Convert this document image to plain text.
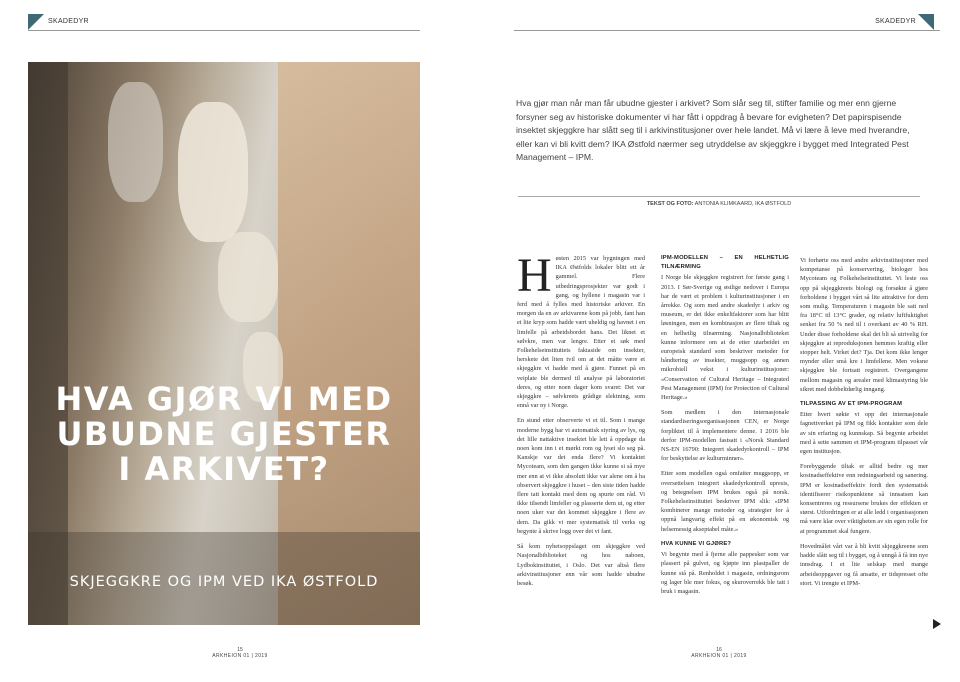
SKADEDYR
HVA GJØR VI MED
UBUDNE GJESTER
I ARKIVET?
SKJEGGKRE OG IPM VED IKA ØSTFOLD
15
ARKHEION 01 | 2019
SKADEDYR
Hva gjør man når man får ubudne gjester i arkivet? Som slår seg til, stifter familie og mer enn gjerne forsyner seg av historiske dokumenter vi har fått i oppdrag å bevare for evigheten? Det papirspisende insektet skjeggkre har slått seg til i arkivinstitusjoner over hele landet. Må vi lære å leve med hverandre, eller kan vi bli kvitt dem? IKA Østfold nærmer seg utryddelse av skjeggkre i bygget med Integrated Pest Management – IPM.
TEKST OG FOTO: ANTONIA KLIMKAARD, IKA ØSTFOLD
H østen 2015 var bygningen med IKA Østfolds lokaler blitt ett år gammel. Flere utbedringsprosjekter var godt i gang, og hyllene i magasin var i ferd med å fylles med historiske arkiver. En morgen da en av arkivarene kom på jobb, fant han et lite kryp som hadde vært uheldig og havnet i en limfelle på arbeidsbordet hans. Det liknet et sølvkre, men var lengre. Etter et søk med Folkehelseinstituttets faktaside om insekter, herskete det liten tvil om at det måtte være et skjeggkre vi hadde med å gjøre. Funnet på en veiplate ble dermed til analyse på laboratoriet deres, og etter noen dager kom svaret: Det var skjeggkre – sølvkreets grådige slektning, som ennå var ny i Norge.

En stund etter observerte vi et til. Som i mange moderne bygg har vi automatisk styring av lys, og det lille nattaktive insektet ble lett å oppdage da noen kom inn i et mørkt rom og lyset slo seg på. Kanskje var det enda flere? Vi kontaktet Mycoteam, som den gangen ikke kunne si så mye mer enn at vi ikke absolutt ikke var alene om å ha observert skjeggkre i huset – den siste tiden hadde flere tatt kontakt med dem og spurte om råd. Vi ikke tilsendt limfeller og plasserte dem ut, og etter noen uker var det kommet skjeggkre i flere av dem. Da gikk vi mer systematisk til verks og begynte å skrive logg over det vi fant.

Så kom nyhetsoppslaget om skjeggkre ved Nasjonalbiblioteket og hos naboen, Lydbokinstituttet, i Oslo. Det var altså flere arkivinstitusjoner enn vår som hadde ubudne besøk.

IPM-MODELLEN – EN HELHETLIG TILNÆRMING

I Norge ble skjeggkre registrert for første gang i 2013. I Sør-Sverige og østlige nedover i Europa har de vært et problem i kulturinstitusjoner i en årrekke. Og som med andre skadedyr i arkiv og museum, er det ikke enkeltfaktorer som har blitt løsningen, men en kombinasjon av flere tiltak og en helhetlig tilnærming. Nasjonalbiblioteket kunne informere om at de etter utarbeidet en europeisk standard som beskriver metoder for håndtering av insekter, muggsopp og annen mikrobiell vekst i kulturinstitusjoner: «Conservation of Cultural Heritage – Integrated Pest Management (IPM) for Protection of Cultural Heritage.»

Som medlem i den internasjonale standardiseringsorganisasjonen CEN, er Norge forpliktet til å implementere denne. I 2016 ble derfor IPM-modellen fastsatt i «Norsk Standard NS-EN 16790: Integrert skadedyrkontroll – IPM for beskyttelse av kulturminner».

Etter som modellen også omfatter muggsopp, er oversettelsen integrert skadedyrkontroll upresis, og betegnelsen IPM brukes også på norsk. Folkehelseinstituttet beskriver IPM slik: «IPM kombinerer mange metoder og strategier for å oppnå langvarig effekt på en økonomisk og helsemessig akseptabel måte.»

HVA KUNNE VI GJØRE?

Vi begynte med å fjerne alle pappesker som var plassert på gulvet, og kjøpte inn plastpaller de kunne stå på. Renholdet i magasin, ordningsrom og lager ble mer fokus, og skuroverrekk ble tatt i bruk i magasin.

Vi forhørte oss med andre arkivinstitusjoner med kompetanse på konservering, biologer hos Mycoteam og Folkehelseinstituttet. Vi leste oss opp på skjeggkreets biologi og forsøkte å gjøre forholdene i bygget vårt så lite attraktive for dem som mulig. Temperaturen i magasin ble satt ned fra 18°C til 13°C grader, og relativ luftfuktighet senket fra 50 % ned til i overkant av 40 % RH. Under disse forholdene skal det bli så utrivelig for skjeggkre at reproduksjonen hemmes kraftig eller stopper helt. Virket det? Tja. Det kom ikke lenger mynder eller små kre i limfellene. Men voksne skjeggkre ble fortsatt registrert. Overgangene mellom magasin og arealer med klimastyring ble sikret med dobbeltdørlig inngang.

TILPASSING AV ET IPM-PROGRAM

Etter hvert søkte vi opp det internasjonale fagnettverket på IPM og fikk kontakter som dele av sin erfaring og kunnskap. Så begynte arbeidet med å sette sammen et IPM-program tilpasset vår egen institusjon.

Forebyggende tiltak er alltid bedre og mer kostnadseffektive enn redningsarbeid og sanering. IPM er kostnadseffektiv fordi den systematisk identifiserer risikopunktene så innsatsen kan konsentreres og ressursene brukes der effekten er størst. Utfordringen er at alle ledd i organisasjonen må være klar over viktigheten av sin egen rolle for at programmet skal fungere.

Hovedmålet vårt var å bli kvitt skjeggkreene som hadde slått seg til i bygget, og å unngå å få inn nye innsdrag. I et lite selskap med mange arbeidsoppgaver og få ansatte, er tidspresset ofte stort. Vi trengte et IPM-

16
ARKHEION 01 | 2019
